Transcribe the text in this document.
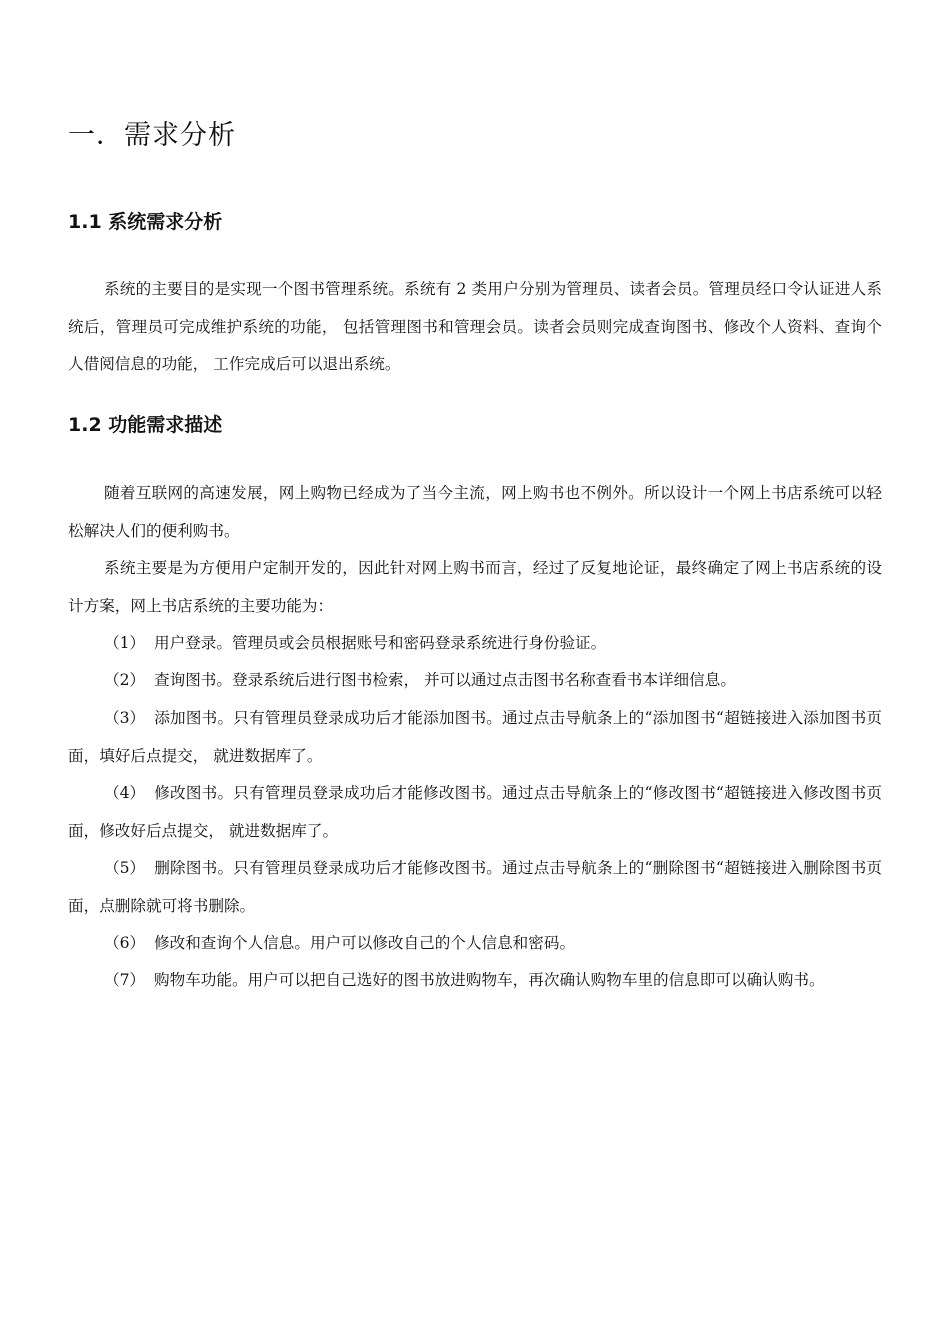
一．需求分析
1.1 系统需求分析

系统的主要目的是实现一个图书管理系统。系统有 2 类用户分别为管理员、读者会员。管理员经口令认证进人系统后，管理员可完成维护系统的功能， 包括管理图书和管理会员。读者会员则完成查询图书、修改个人资料、查询个人借阅信息的功能， 工作完成后可以退出系统。

1.2 功能需求描述

随着互联网的高速发展，网上购物已经成为了当今主流，网上购书也不例外。所以设计一个网上书店系统可以轻松解决人们的便利购书。

系统主要是为方便用户定制开发的，因此针对网上购书而言，经过了反复地论证，最终确定了网上书店系统的设计方案，网上书店系统的主要功能为：

（1） 用户登录。管理员或会员根据账号和密码登录系统进行身份验证。

（2） 查询图书。登录系统后进行图书检索， 并可以通过点击图书名称查看书本详细信息。

（3） 添加图书。只有管理员登录成功后才能添加图书。通过点击导航条上的“添加图书“超链接进入添加图书页面，填好后点提交， 就进数据库了。

（4） 修改图书。只有管理员登录成功后才能修改图书。通过点击导航条上的“修改图书“超链接进入修改图书页面，修改好后点提交， 就进数据库了。

（5） 删除图书。只有管理员登录成功后才能修改图书。通过点击导航条上的“删除图书“超链接进入删除图书页面，点删除就可将书删除。

（6） 修改和查询个人信息。用户可以修改自己的个人信息和密码。

（7） 购物车功能。用户可以把自己选好的图书放进购物车，再次确认购物车里的信息即可以确认购书。
